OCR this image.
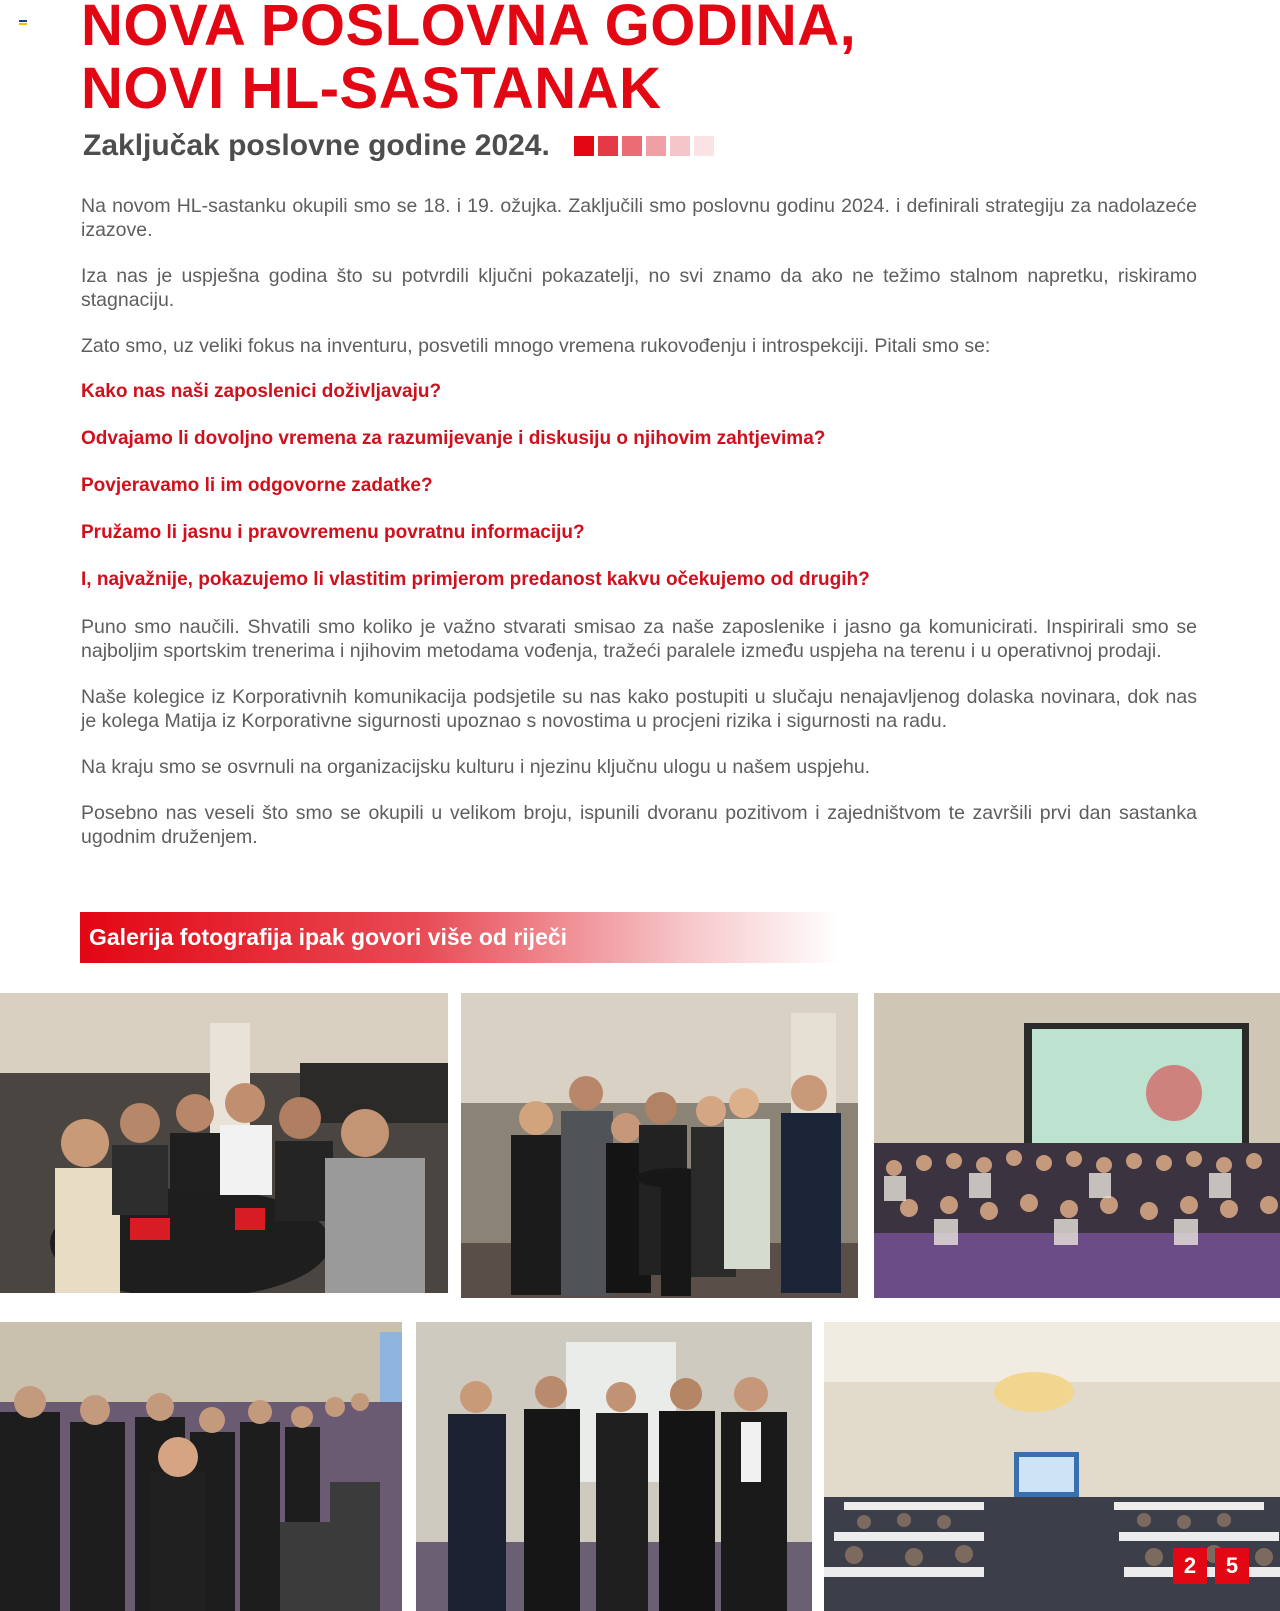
NOVA POSLOVNA GODINA,
NOVI HL-SASTANAK
Zaključak poslovne godine 2024.

Na novom HL-sastanku okupili smo se 18. i 19. ožujka. Zaključili smo poslovnu godinu 2024. i definirali strategiju za nadolazeće izazove.

Iza nas je uspješna godina što su potvrdili ključni pokazatelji, no svi znamo da ako ne težimo stalnom napretku, riskiramo stagnaciju.

Zato smo, uz veliki fokus na inventuru, posvetili mnogo vremena rukovođenju i introspekciji. Pitali smo se:

Kako nas naši zaposlenici doživljavaju?

Odvajamo li dovoljno vremena za razumijevanje i diskusiju o njihovim zahtjevima?

Povjeravamo li im odgovorne zadatke?

Pružamo li jasnu i pravovremenu povratnu informaciju?

I, najvažnije, pokazujemo li vlastitim primjerom predanost kakvu očekujemo od drugih?

Puno smo naučili. Shvatili smo koliko je važno stvarati smisao za naše zaposlenike i jasno ga komunicirati. Inspirirali smo se najboljim sportskim trenerima i njihovim metodama vođenja, tražeći paralele između uspjeha na terenu i u operativnoj prodaji.

Naše kolegice iz Korporativnih komunikacija podsjetile su nas kako postupiti u slučaju nenajavljenog dolaska novinara, dok nas je kolega Matija iz Korporativne sigurnosti upoznao s novostima u procjeni rizika i sigurnosti na radu.

Na kraju smo se osvrnuli na organizacijsku kulturu i njezinu ključnu ulogu u našem uspjehu.

Posebno nas veseli što smo se okupili u velikom broju, ispunili dvoranu pozitivom i zajedništvom te završili prvi dan sastanka ugodnim druženjem.

Galerija fotografija ipak govori više od riječi
2	5
